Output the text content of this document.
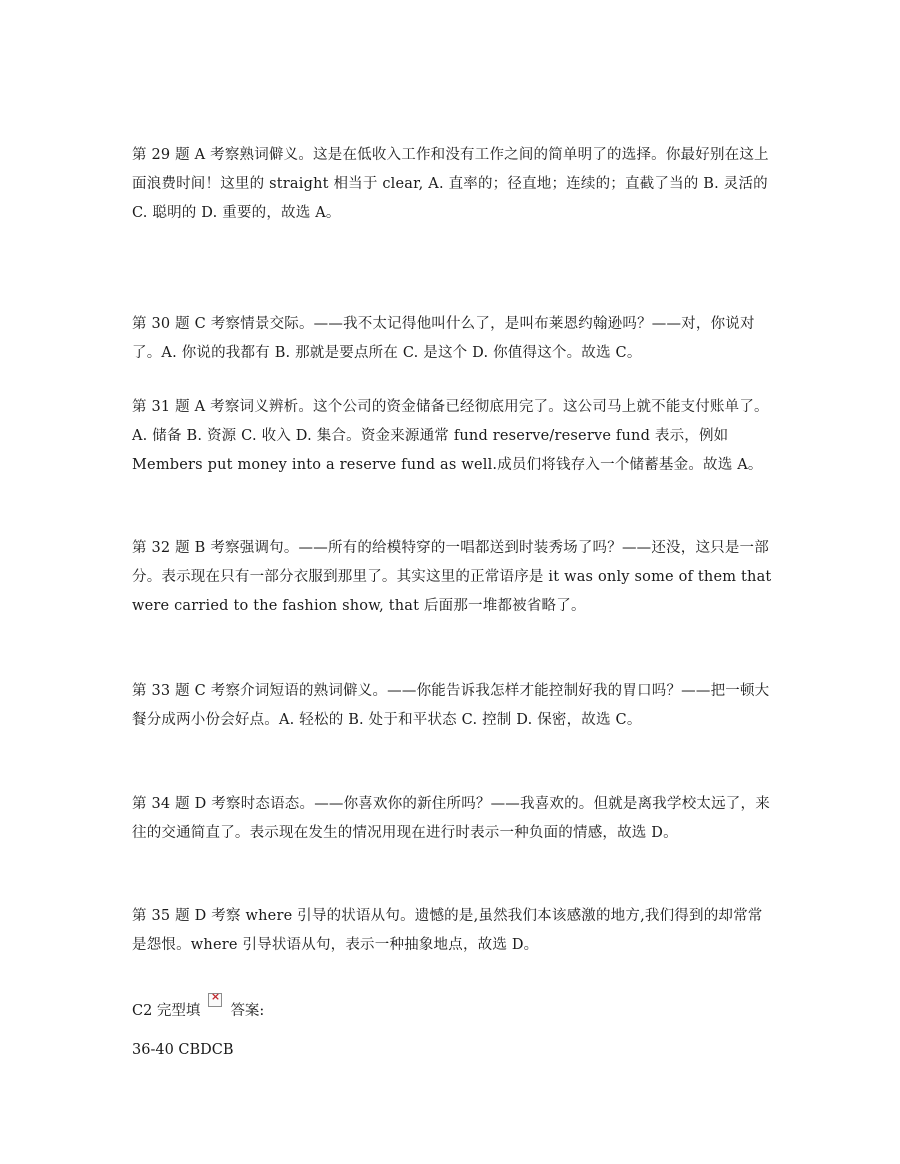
第 29 题 A 考察熟词僻义。这是在低收入工作和没有工作之间的简单明了的选择。你最好别在这上面浪费时间！这里的 straight 相当于 clear, A. 直率的；径直地；连续的；直截了当的 B. 灵活的 C. 聪明的 D. 重要的，故选 A。

第 30 题 C 考察情景交际。——我不太记得他叫什么了，是叫布莱恩约翰逊吗？——对，你说对了。A. 你说的我都有 B. 那就是要点所在 C. 是这个 D. 你值得这个。故选 C。

第 31 题 A 考察词义辨析。这个公司的资金储备已经彻底用完了。这公司马上就不能支付账单了。A. 储备 B. 资源 C. 收入 D. 集合。资金来源通常 fund reserve/reserve fund 表示，例如 Members put money into a reserve fund as well.成员们将钱存入一个储蓄基金。故选 A。

第 32 题 B 考察强调句。——所有的给模特穿的一唱都送到时装秀场了吗？——还没，这只是一部分。表示现在只有一部分衣服到那里了。其实这里的正常语序是 it was only some of them that were carried to the fashion show, that 后面那一堆都被省略了。

第 33 题 C 考察介词短语的熟词僻义。——你能告诉我怎样才能控制好我的胃口吗？——把一顿大餐分成两小份会好点。A. 轻松的 B. 处于和平状态 C. 控制 D. 保密，故选 C。

第 34 题 D 考察时态语态。——你喜欢你的新住所吗？——我喜欢的。但就是离我学校太远了，来往的交通简直了。表示现在发生的情况用现在进行时表示一种负面的情感，故选 D。

第 35 题 D 考察 where 引导的状语从句。遗憾的是,虽然我们本该感激的地方,我们得到的却常常是怨恨。where 引导状语从句，表示一种抽象地点，故选 D。

C2 完型填
× 答案:
36-40 CBDCB
